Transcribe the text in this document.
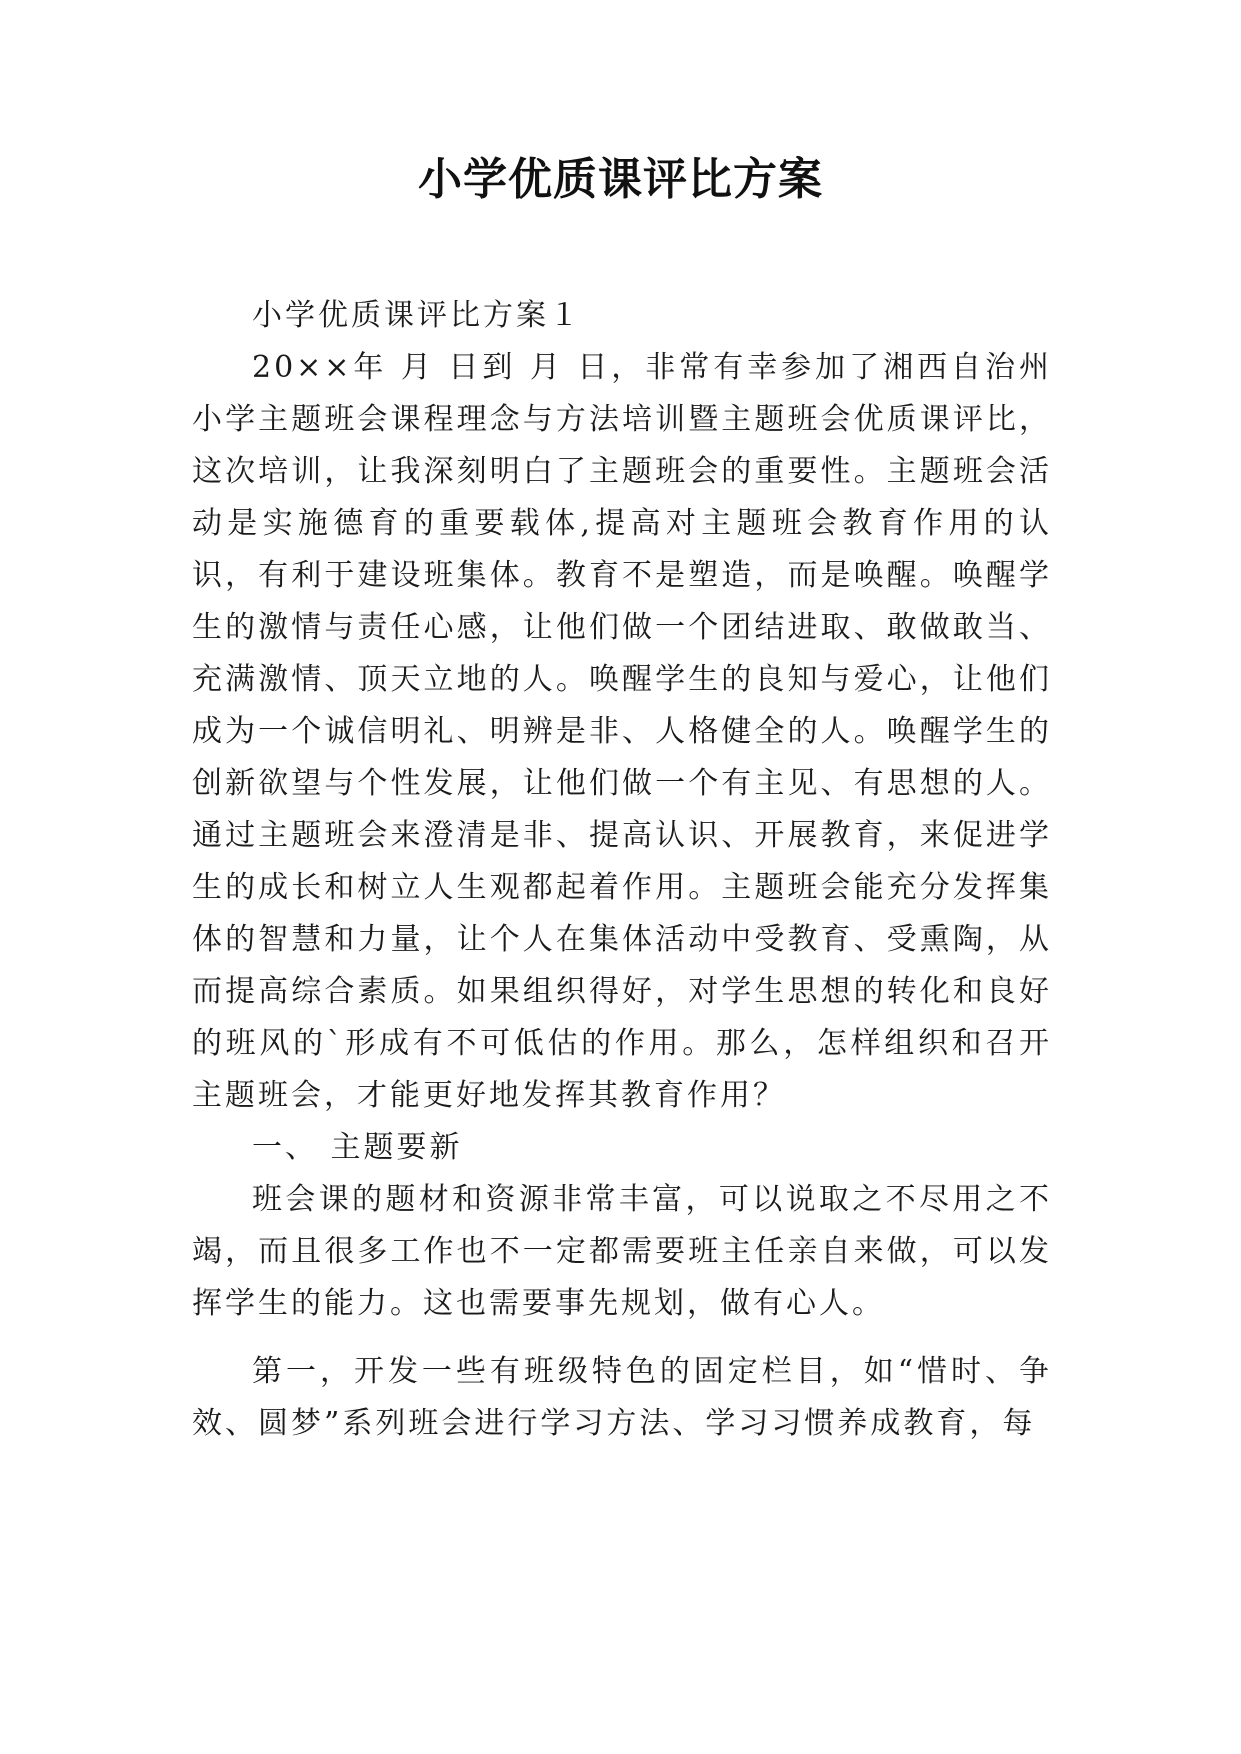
小学优质课评比方案

小学优质课评比方案１

20××年 月 日到 月 日，非常有幸参加了湘西自治州小学主题班会课程理念与方法培训暨主题班会优质课评比，这次培训，让我深刻明白了主题班会的重要性。主题班会活动是实施德育的重要载体,提高对主题班会教育作用的认识，有利于建设班集体。教育不是塑造，而是唤醒。唤醒学生的激情与责任心感，让他们做一个团结进取、敢做敢当、充满激情、顶天立地的人。唤醒学生的良知与爱心，让他们成为一个诚信明礼、明辨是非、人格健全的人。唤醒学生的创新欲望与个性发展，让他们做一个有主见、有思想的人。通过主题班会来澄清是非、提高认识、开展教育，来促进学生的成长和树立人生观都起着作用。主题班会能充分发挥集体的智慧和力量，让个人在集体活动中受教育、受熏陶，从而提高综合素质。如果组织得好，对学生思想的转化和良好的班风的`形成有不可低估的作用。那么，怎样组织和召开主题班会，才能更好地发挥其教育作用？

一、 主题要新

班会课的题材和资源非常丰富，可以说取之不尽用之不竭，而且很多工作也不一定都需要班主任亲自来做，可以发挥学生的能力。这也需要事先规划，做有心人。

第一，开发一些有班级特色的固定栏目，如“惜时、争效、圆梦”系列班会进行学习方法、学习习惯养成教育，每
